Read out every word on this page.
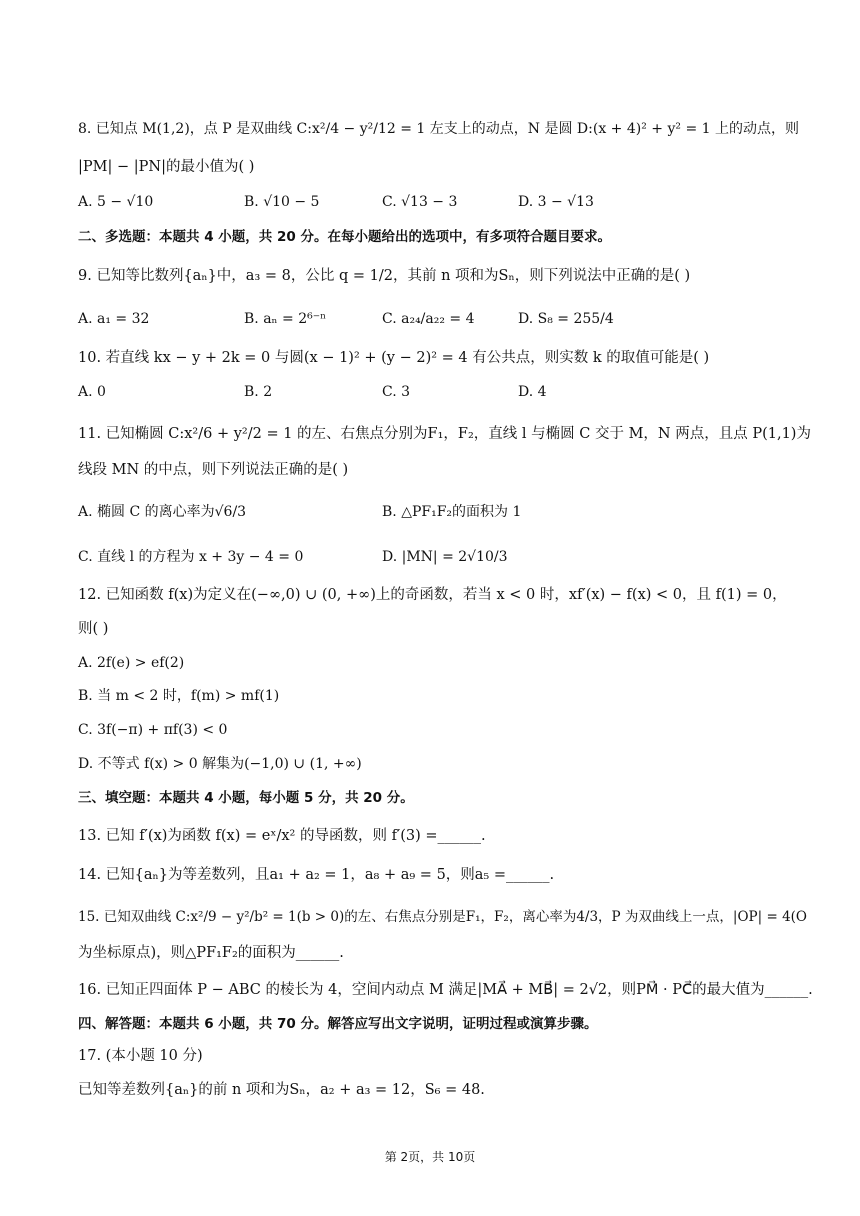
8. 已知点 M(1,2)，点 P 是双曲线 C:x²/4 − y²/12 = 1 左支上的动点，N 是圆 D:(x + 4)² + y² = 1 上的动点，则
|PM| − |PN|的最小值为( )
A. 5 − √10	B. √10 − 5	C. √13 − 3	D. 3 − √13
二、多选题：本题共 4 小题，共 20 分。在每小题给出的选项中，有多项符合题目要求。
9. 已知等比数列{aₙ}中，a₃ = 8，公比 q = 1/2，其前 n 项和为Sₙ，则下列说法中正确的是( )
A. a₁ = 32	B. aₙ = 2⁶⁻ⁿ	C. a₂₄/a₂₂ = 4	D. S₈ = 255/4
10. 若直线 kx − y + 2k = 0 与圆(x − 1)² + (y − 2)² = 4 有公共点，则实数 k 的取值可能是( )
A. 0	B. 2	C. 3	D. 4
11. 已知椭圆 C:x²/6 + y²/2 = 1 的左、右焦点分别为F₁，F₂，直线 l 与椭圆 C 交于 M，N 两点，且点 P(1,1)为
线段 MN 的中点，则下列说法正确的是( )
A. 椭圆 C 的离心率为√6/3	B. △PF₁F₂的面积为 1
C. 直线 l 的方程为 x + 3y − 4 = 0	D. |MN| = 2√10/3
12. 已知函数 f(x)为定义在(−∞,0) ∪ (0, +∞)上的奇函数，若当 x < 0 时，xf′(x) − f(x) < 0，且 f(1) = 0，
则( )
A. 2f(e) > ef(2)
B. 当 m < 2 时，f(m) > mf(1)
C. 3f(−π) + πf(3) < 0
D. 不等式 f(x) > 0 解集为(−1,0) ∪ (1, +∞)
三、填空题：本题共 4 小题，每小题 5 分，共 20 分。
13. 已知 f′(x)为函数 f(x) = eˣ/x² 的导函数，则 f′(3) =______.
14. 已知{aₙ}为等差数列，且a₁ + a₂ = 1，a₈ + a₉ = 5，则a₅ =______.
15. 已知双曲线 C:x²/9 − y²/b² = 1(b > 0)的左、右焦点分别是F₁，F₂，离心率为4/3，P 为双曲线上一点，|OP| = 4(O
为坐标原点)，则△PF₁F₂的面积为______.
16. 已知正四面体 P − ABC 的棱长为 4，空间内动点 M 满足|MA⃗ + MB⃗| = 2√2，则PM⃗ · PC⃗的最大值为______.
四、解答题：本题共 6 小题，共 70 分。解答应写出文字说明，证明过程或演算步骤。
17. (本小题 10 分)
已知等差数列{aₙ}的前 n 项和为Sₙ，a₂ + a₃ = 12，S₆ = 48.
第 2页，共 10页
